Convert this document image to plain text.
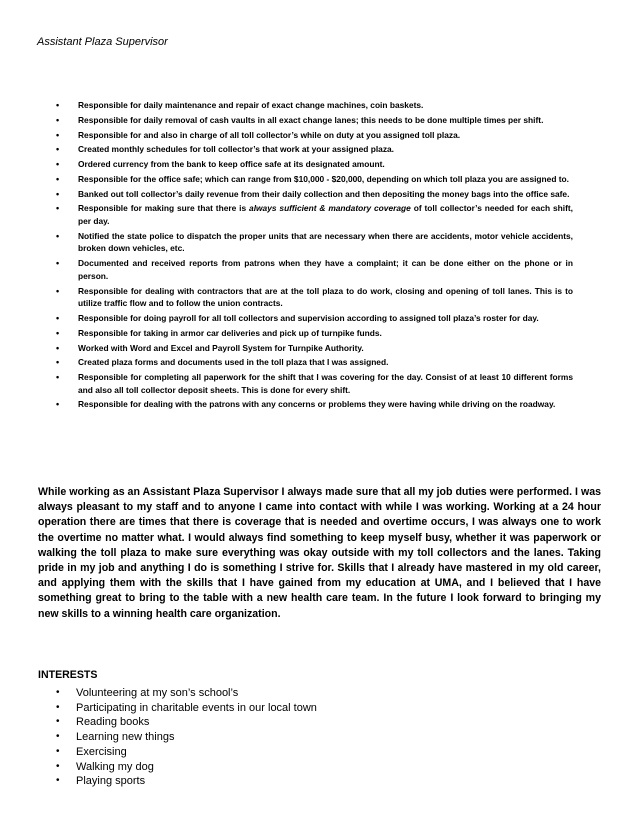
Assistant Plaza Supervisor
• Responsible for daily maintenance and repair of exact change machines, coin baskets.
• Responsible for daily removal of cash vaults in all exact change lanes; this needs to be done multiple times per shift.
• Responsible for and also in charge of all toll collector’s while on duty at you assigned toll plaza.
• Created monthly schedules for toll collector’s that work at your assigned plaza.
• Ordered currency from the bank to keep office safe at its designated amount.
• Responsible for the office safe; which can range from $10,000 - $20,000, depending on which toll plaza you are assigned to.
• Banked out toll collector’s daily revenue from their daily collection and then depositing the money bags into the office safe.
• Responsible for making sure that there is always sufficient & mandatory coverage of toll collector’s needed for each shift, per day.
• Notified the state police to dispatch the proper units that are necessary when there are accidents, motor vehicle accidents, broken down vehicles, etc.
• Documented and received reports from patrons when they have a complaint; it can be done either on the phone or in person.
• Responsible for dealing with contractors that are at the toll plaza to do work, closing and opening of toll lanes. This is to utilize traffic flow and to follow the union contracts.
• Responsible for doing payroll for all toll collectors and supervision according to assigned toll plaza’s roster for day.
• Responsible for taking in armor car deliveries and pick up of turnpike funds.
• Worked with Word and Excel and Payroll System for Turnpike Authority.
• Created plaza forms and documents used in the toll plaza that I was assigned.
• Responsible for completing all paperwork for the shift that I was covering for the day. Consist of at least 10 different forms and also all toll collector deposit sheets. This is done for every shift.
• Responsible for dealing with the patrons with any concerns or problems they were having while driving on the roadway.

While working as an Assistant Plaza Supervisor I always made sure that all my job duties were performed. I was always pleasant to my staff and to anyone I came into contact with while I was working. Working at a 24 hour operation there are times that there is coverage that is needed and overtime occurs, I was always one to work the overtime no matter what. I would always find something to keep myself busy, whether it was paperwork or walking the toll plaza to make sure everything was okay outside with my toll collectors and the lanes. Taking pride in my job and anything I do is something I strive for. Skills that I already have mastered in my old career, and applying them with the skills that I have gained from my education at UMA, and I believed that I have something great to bring to the table with a new health care team. In the future I look forward to bringing my new skills to a winning health care organization.

INTERESTS

• Volunteering at my son’s school’s
• Participating in charitable events in our local town
• Reading books
• Learning new things
• Exercising
• Walking my dog
• Playing sports
